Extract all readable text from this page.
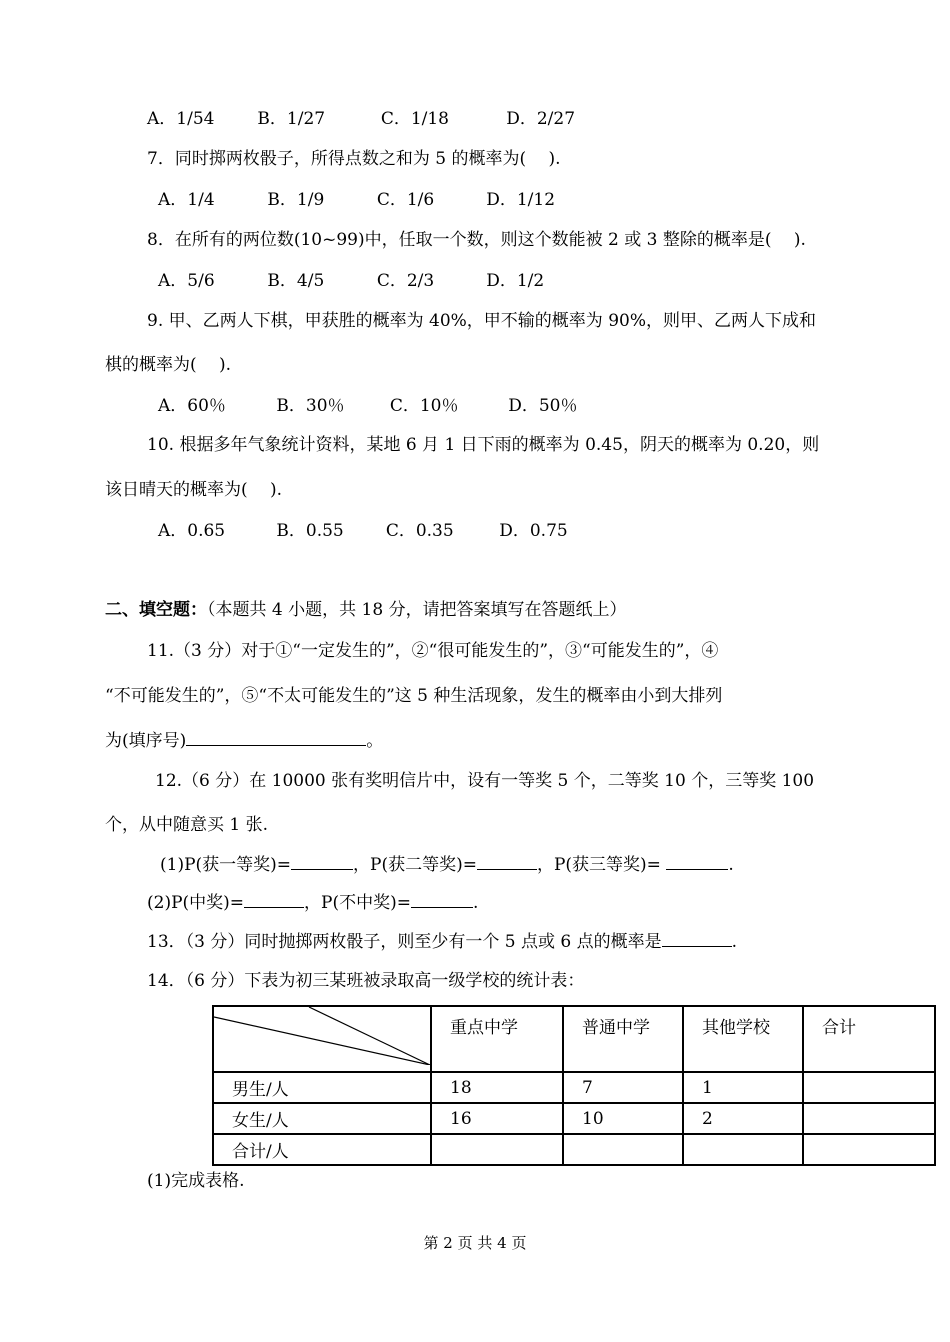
A．1/54	B．1/27	C．1/18	D．2/27
7．同时掷两枚骰子，所得点数之和为 5 的概率为(　 ).
A．1/4	B．1/9	C．1/6	D．1/12
8．在所有的两位数(10~99)中，任取一个数，则这个数能被 2 或 3 整除的概率是(　 ).
A．5/6	B．4/5	C．2/3	D．1/2
9. 甲、乙两人下棋，甲获胜的概率为 40%，甲不输的概率为 90%，则甲、乙两人下成和
棋的概率为(　 ).
A．60％	B．30％	C．10％	D．50％
10. 根据多年气象统计资料，某地 6 月 1 日下雨的概率为 0.45，阴天的概率为 0.20，则
该日晴天的概率为(　 ).
A．0.65	B．0.55 C．0.35	D．0.75
二、填空题：（本题共 4 小题，共 18 分，请把答案填写在答题纸上）
11.（3 分）对于①“一定发生的”，②“很可能发生的”，③“可能发生的”，④
“不可能发生的”，⑤“不太可能发生的”这 5 种生活现象，发生的概率由小到大排列
为(填序号)	。
12.（6 分）在 10000 张有奖明信片中，设有一等奖 5 个，二等奖 10 个，三等奖 100
个，从中随意买 1 张.
(1)P(获一等奖)=	，P(获二等奖)=	，P(获三等奖)=	.
(2)P(中奖)=	，P(不中奖)=	.
13．（3 分）同时抛掷两枚骰子，则至少有一个 5 点或 6 点的概率是	.
14．（6 分）下表为初三某班被录取高一级学校的统计表：
	重点中学	普通中学	其他学校	合计
男生/人	18	7	1	
女生/人	16	10	2	
合计/人				
(1)完成表格.
第 2 页 共 4 页
